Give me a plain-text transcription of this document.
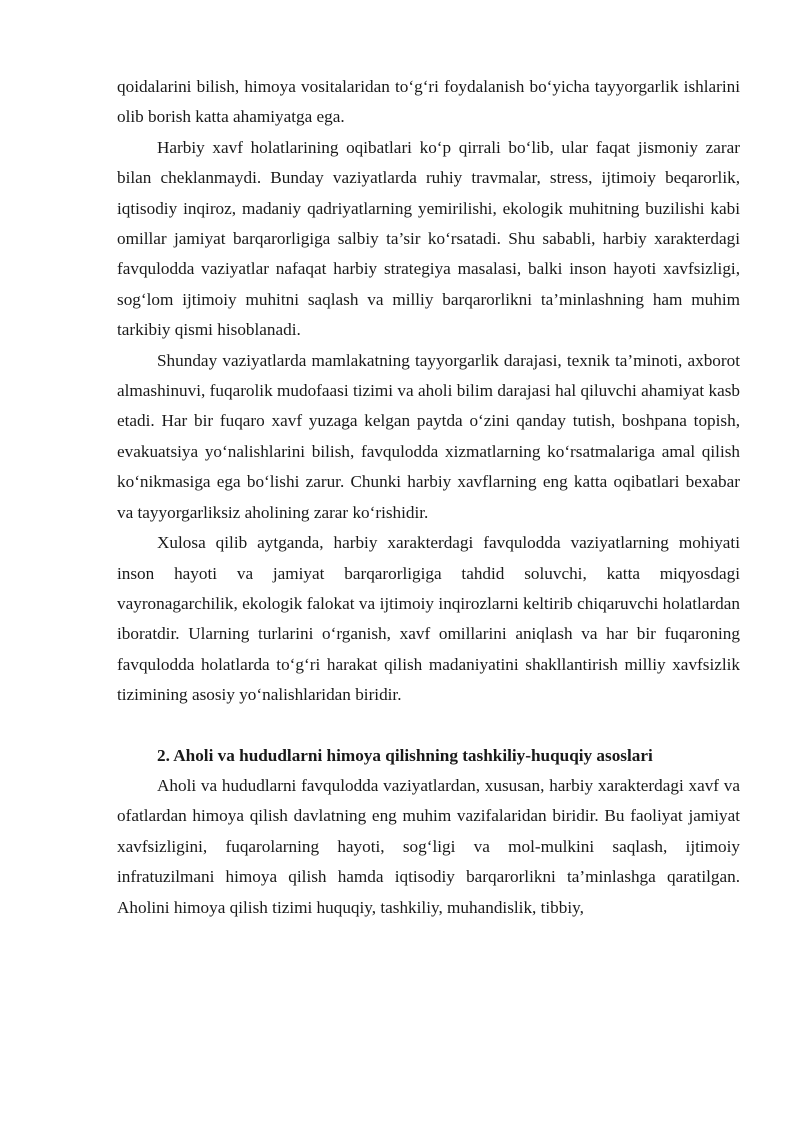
qoidalarini bilish, himoya vositalaridan to‘g‘ri foydalanish bo‘yicha tayyorgarlik ishlarini olib borish katta ahamiyatga ega.

Harbiy xavf holatlarining oqibatlari ko‘p qirrali bo‘lib, ular faqat jismoniy zarar bilan cheklanmaydi. Bunday vaziyatlarda ruhiy travmalar, stress, ijtimoiy beqarorlik, iqtisodiy inqiroz, madaniy qadriyatlarning yemirilishi, ekologik muhitning buzilishi kabi omillar jamiyat barqarorligiga salbiy ta’sir ko‘rsatadi. Shu sababli, harbiy xarakterdagi favqulodda vaziyatlar nafaqat harbiy strategiya masalasi, balki inson hayoti xavfsizligi, sog‘lom ijtimoiy muhitni saqlash va milliy barqarorlikni ta’minlashning ham muhim tarkibiy qismi hisoblanadi.

Shunday vaziyatlarda mamlakatning tayyorgarlik darajasi, texnik ta’minoti, axborot almashinuvi, fuqarolik mudofaasi tizimi va aholi bilim darajasi hal qiluvchi ahamiyat kasb etadi. Har bir fuqaro xavf yuzaga kelgan paytda o‘zini qanday tutish, boshpana topish, evakuatsiya yo‘nalishlarini bilish, favqulodda xizmatlarning ko‘rsatmalariga amal qilish ko‘nikmasiga ega bo‘lishi zarur. Chunki harbiy xavflarning eng katta oqibatlari bexabar va tayyorgarliksiz aholining zarar ko‘rishidir.

Xulosa qilib aytganda, harbiy xarakterdagi favqulodda vaziyatlarning mohiyati inson hayoti va jamiyat barqarorligiga tahdid soluvchi, katta miqyosdagi vayronagarchilik, ekologik falokat va ijtimoiy inqirozlarni keltirib chiqaruvchi holatlardan iboratdir. Ularning turlarini o‘rganish, xavf omillarini aniqlash va har bir fuqaroning favqulodda holatlarda to‘g‘ri harakat qilish madaniyatini shakllantirish milliy xavfsizlik tizimining asosiy yo‘nalishlaridan biridir.

2. Aholi va hududlarni himoya qilishning tashkiliy-huquqiy asoslari

Aholi va hududlarni favqulodda vaziyatlardan, xususan, harbiy xarakterdagi xavf va ofatlardan himoya qilish davlatning eng muhim vazifalaridan biridir. Bu faoliyat jamiyat xavfsizligini, fuqarolarning hayoti, sog‘ligi va mol-mulkini saqlash, ijtimoiy infratuzilmani himoya qilish hamda iqtisodiy barqarorlikni ta’minlashga qaratilgan. Aholini himoya qilish tizimi huquqiy, tashkiliy, muhandislik, tibbiy,
